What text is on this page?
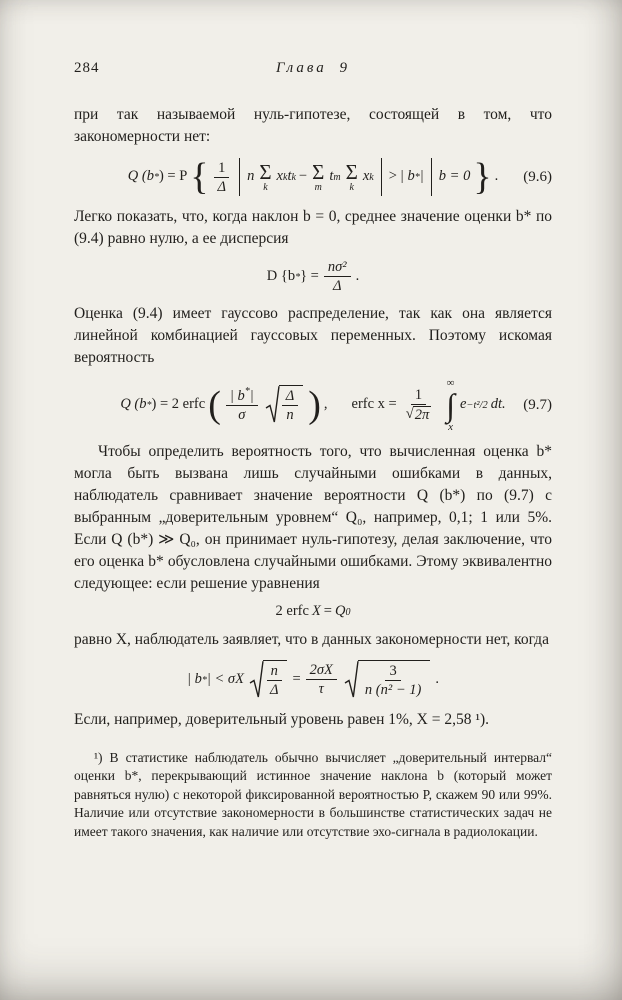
284	Глава 9

при так называемой нуль-гипотезе, состоящей в том, что закономерности нет:

Q (b * ) = P { $\frac{1}{\Delta}$ n Σ
k
x k t k − Σ
m
t m Σ
k
x k > | b * | b = 0 } . (9.6)

Легко показать, что, когда наклон b = 0, среднее значение оценки b* по (9.4) равно нулю, а ее дисперсия

D {b * } = $\frac{\text{nσ²}}{\Delta}$ .

Оценка (9.4) имеет гауссово распределение, так как она является линейной комбинацией гауссовых переменных. Поэтому искомая вероятность

Q (b * ) = 2 erfc ( $\frac{| b^*|}{\sigma} \frac{\Delta}{n}$ ) , erfc $x = \frac{1}{√ 2\pi}$
∞
∫
x
e −t²/2 dt. (9.7)

Чтобы определить вероятность того, что вычисленная оценка b* могла быть вызвана лишь случайными ошибками в данных, наблюдатель сравнивает значение вероятности Q (b*) по (9.7) с выбранным „доверительным уровнем“ Q₀, например, 0,1; 1 или 5%. Если Q (b*) ≫ Q₀, он принимает нуль-гипотезу, делая заключение, что его оценка b* обусловлена случайными ошибками. Этому эквивалентно следующее: если решение уравнения

2 erfc X = Q 0

равно X, наблюдатель заявляет, что в данных закономерности нет, когда

| b * | < σX $\frac{n}{\Delta} = \frac{2\sigma X}{\tau} \frac{3}{\text{n (n² − 1)}}$ .

Если, например, доверительный уровень равен 1%, X = 2,58 ¹).

¹) В статистике наблюдатель обычно вычисляет „доверительный интервал“ оценки b*, перекрывающий истинное значение наклона b (который может равняться нулю) с некоторой фиксированной вероятностью P, скажем 90 или 99%. Наличие или отсутствие закономерности в большинстве статистических задач не имеет такого значения, как наличие или отсутствие эхо-сигнала в радиолокации.
